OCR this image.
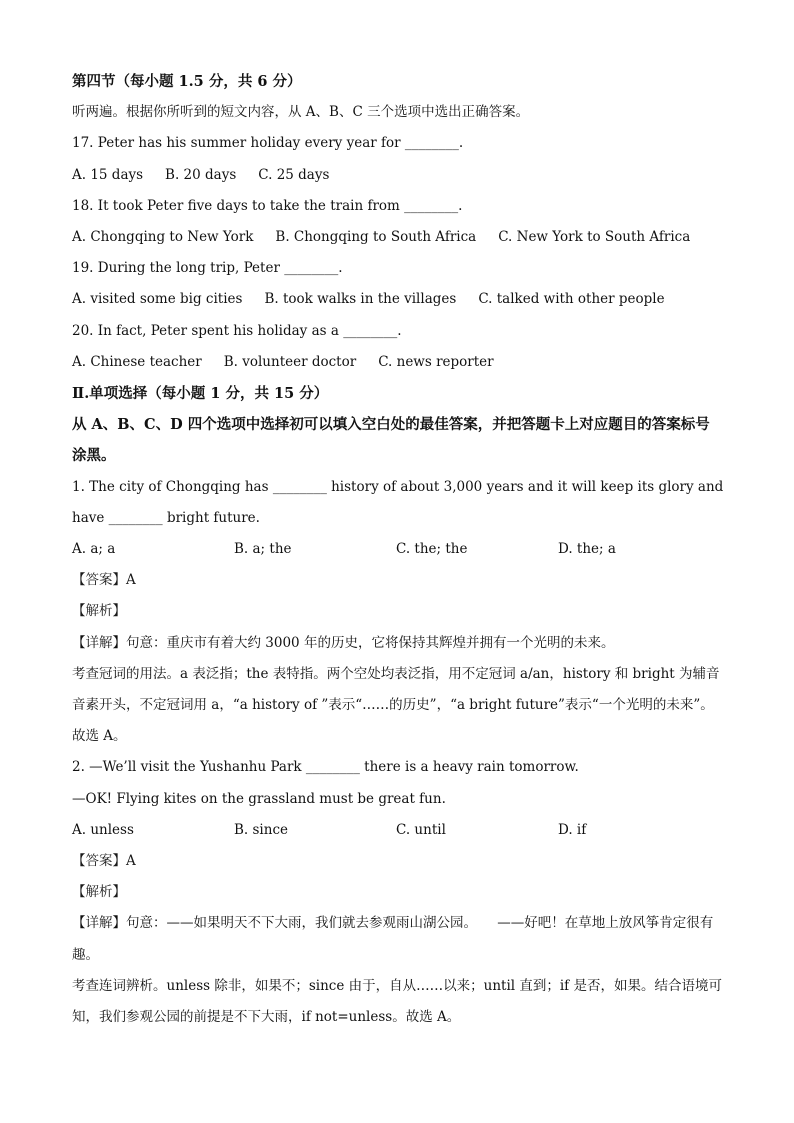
第四节（每小题 1.5 分，共 6 分）
听两遍。根据你所听到的短文内容，从 A、B、C 三个选项中选出正确答案。
17. Peter has his summer holiday every year for ________.
A. 15 days B. 20 days C. 25 days
18. It took Peter five days to take the train from ________.
A. Chongqing to New York B. Chongqing to South Africa C. New York to South Africa
19. During the long trip, Peter ________.
A. visited some big cities B. took walks in the villages C. talked with other people
20. In fact, Peter spent his holiday as a ________.
A. Chinese teacher B. volunteer doctor C. news reporter
Ⅱ.单项选择（每小题 1 分，共 15 分）
从 A、B、C、D 四个选项中选择初可以填入空白处的最佳答案，并把答题卡上对应题目的答案标号涂黑。
1. The city of Chongqing has ________ history of about 3,000 years and it will keep its glory and have ________ bright future.
A. a; a	B. a; the	C. the; the	D. the; a
【答案】A
【解析】
【详解】句意：重庆市有着大约 3000 年的历史，它将保持其辉煌并拥有一个光明的未来。
考查冠词的用法。a 表泛指；the 表特指。两个空处均表泛指，用不定冠词 a/an，history 和 bright 为辅音音素开头，不定冠词用 a，“a history of ”表示“……的历史”，“a bright future”表示“一个光明的未来”。故选 A。
2. —We’ll visit the Yushanhu Park ________ there is a heavy rain tomorrow.
—OK! Flying kites on the grassland must be great fun.
A. unless	B. since	C. until	D. if
【答案】A
【解析】
【详解】句意：——如果明天不下大雨，我们就去参观雨山湖公园。　　——好吧！在草地上放风筝肯定很有趣。
考查连词辨析。unless 除非，如果不；since 由于，自从……以来；until 直到；if 是否，如果。结合语境可知，我们参观公园的前提是不下大雨，if not=unless。故选 A。
